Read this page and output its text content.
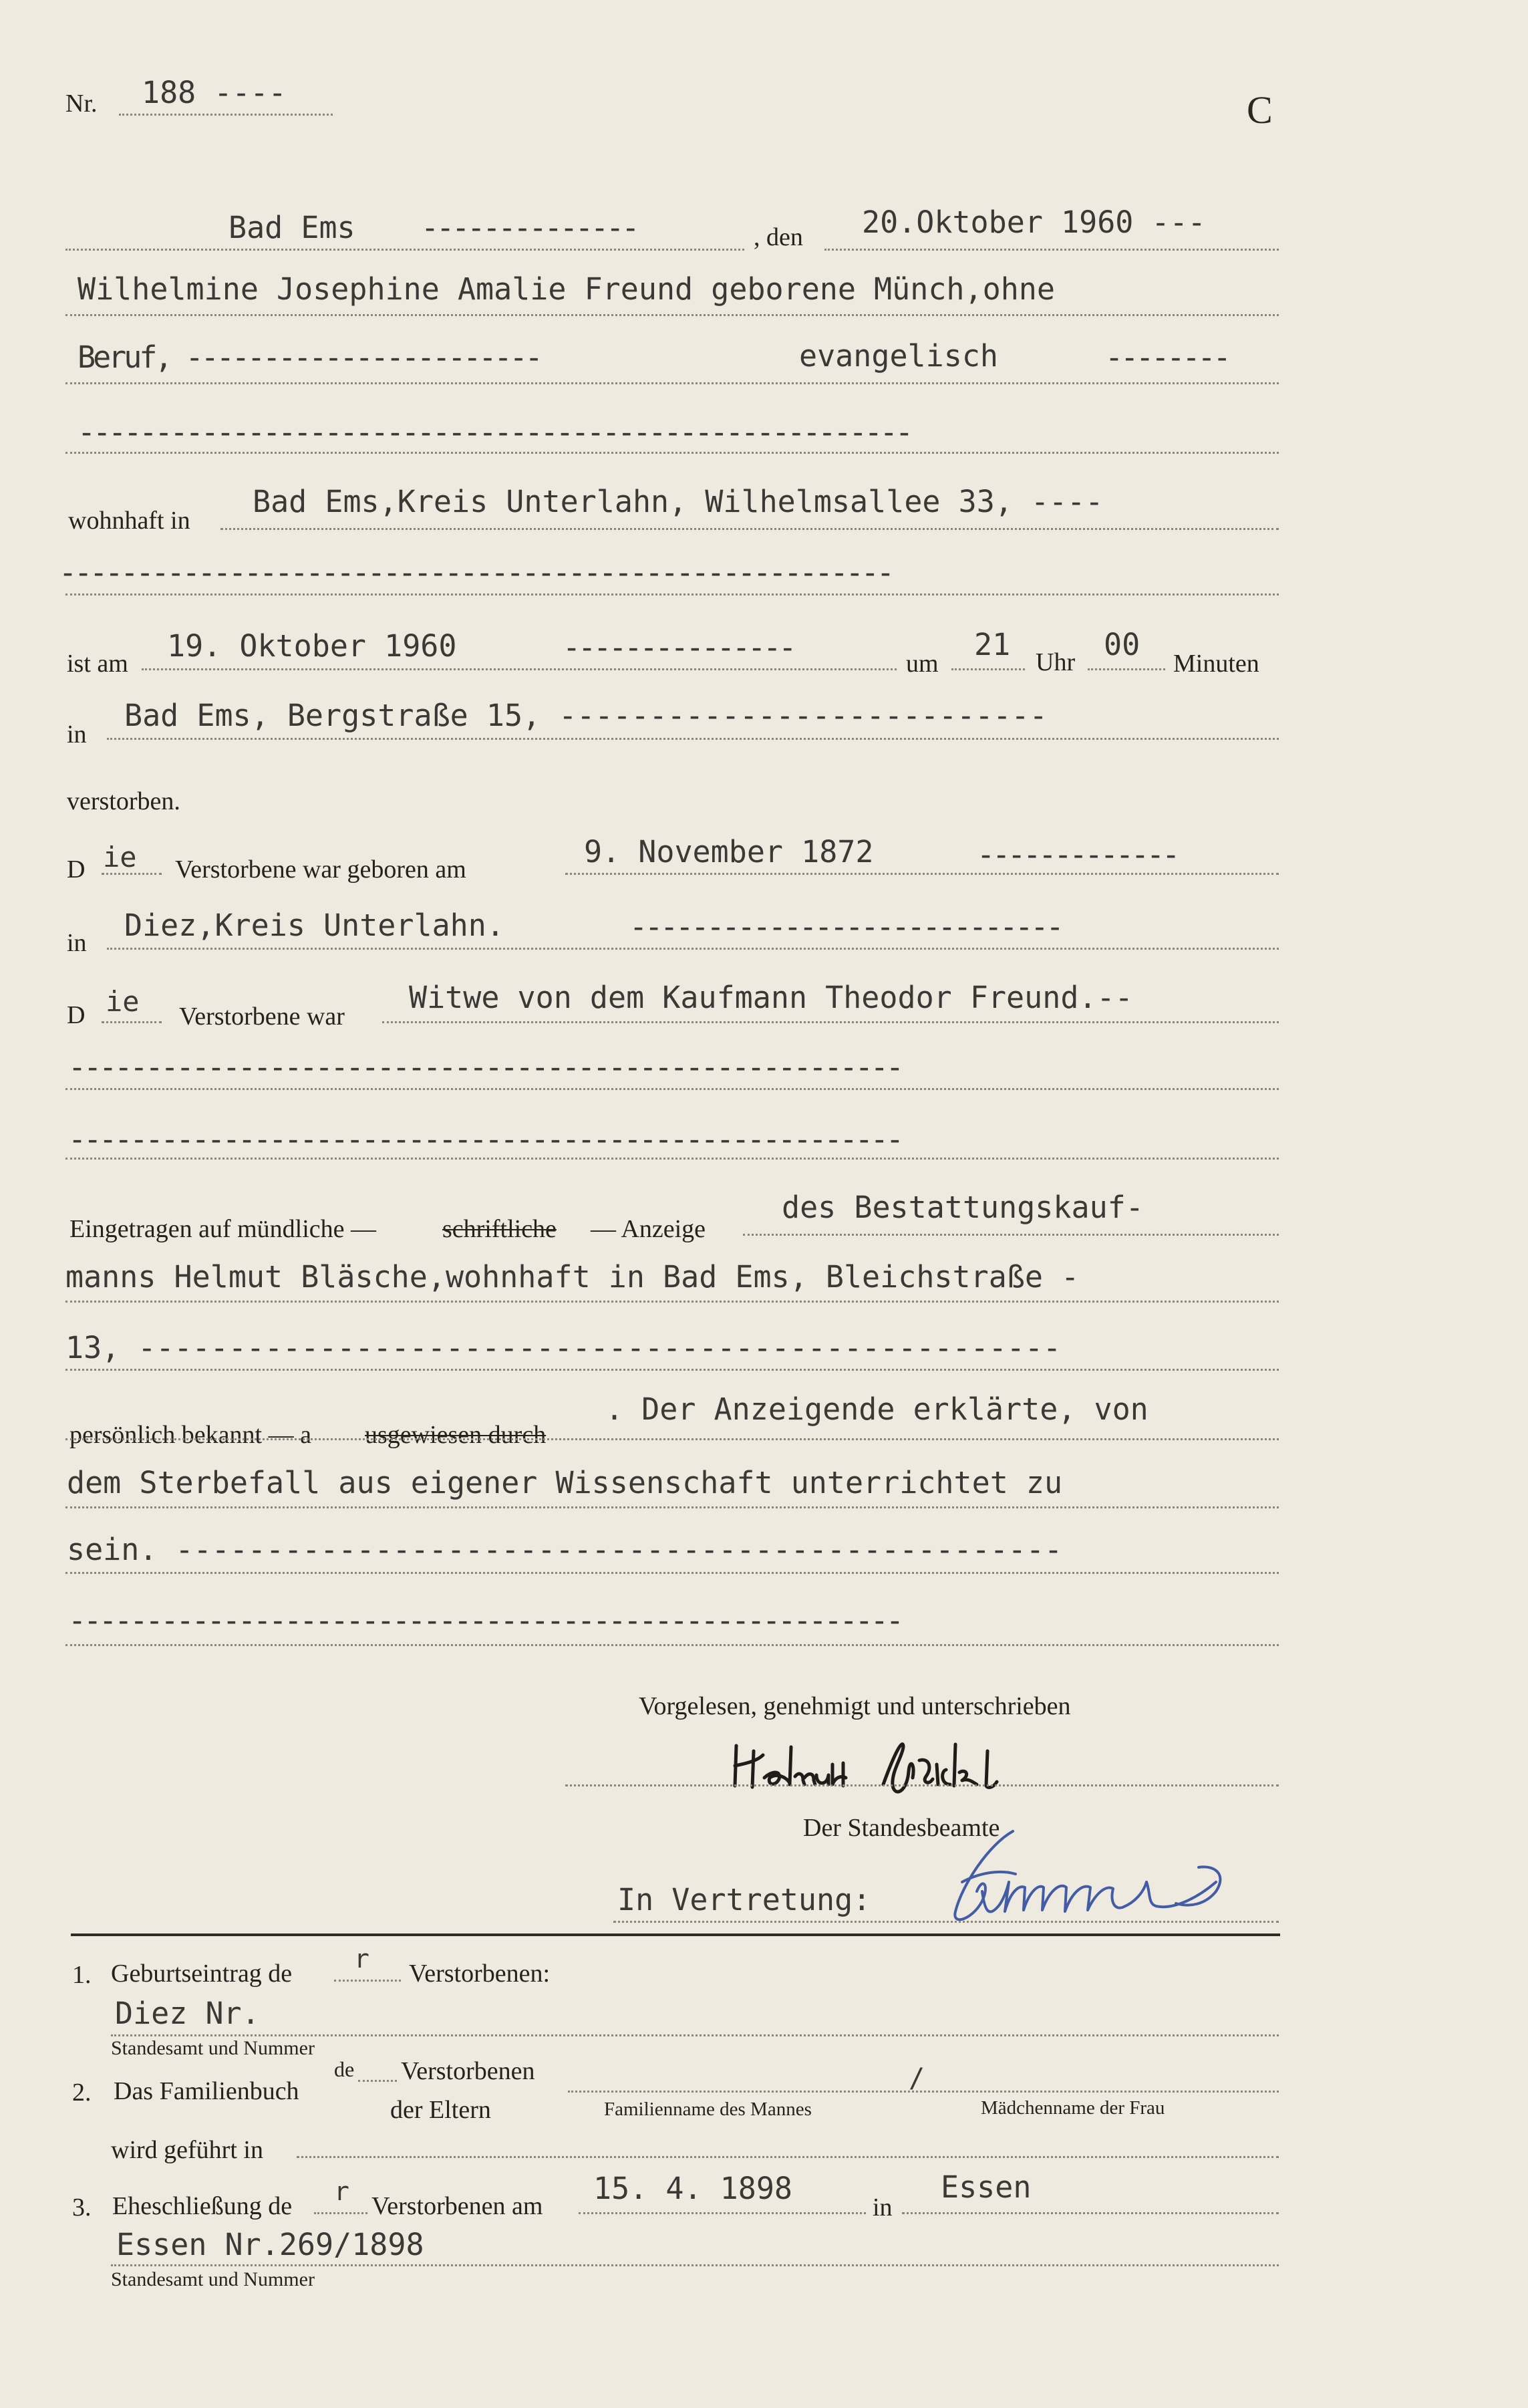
Nr. 188 ----	C
Bad Ems --------------	, den 20.Oktober 1960 ---
Wilhelmine Josephine Amalie Freund geborene Münch,ohne
Beruf, -----------------------	evangelisch	--------
------------------------------------------------------
wohnhaft in
Bad Ems,Kreis Unterlahn, Wilhelmsallee 33, ----
------------------------------------------------------
ist am 19. Oktober 1960	---------------	um
21 Uhr 00
Minuten
in
Bad Ems, Bergstraße 15, ---------------------------
verstorben.
D ie Verstorbene war geboren am	9. November 1872	-------------
in Diez,Kreis Unterlahn.	----------------------------
D ie Verstorbene war
Witwe von dem Kaufmann Theodor Freund.--
------------------------------------------------------
------------------------------------------------------
Eingetragen auf mündliche —	schriftliche — Anzeige
des Bestattungskauf-
manns Helmut Bläsche,wohnhaft in Bad Ems, Bleichstraße -
13, ---------------------------------------------------
persönlich bekannt — a usgewiesen durch
. Der Anzeigende erklärte, von
dem Sterbefall aus eigener Wissenschaft unterrichtet zu
sein. -------------------------------------------------
------------------------------------------------------
Vorgelesen, genehmigt und unterschrieben
Der Standesbeamte
In Vertretung:
1. Geburtseintrag de r Verstorbenen:
Diez Nr.
Standesamt und Nummer
2. Das Familienbuch
de Verstorbenen
der Eltern	Familienname des Mannes
/
Mädchenname der Frau
wird geführt in
3. Eheschließung de r Verstorbenen am 15. 4. 1898
in
Essen
Essen Nr.269/1898
Standesamt und Nummer
